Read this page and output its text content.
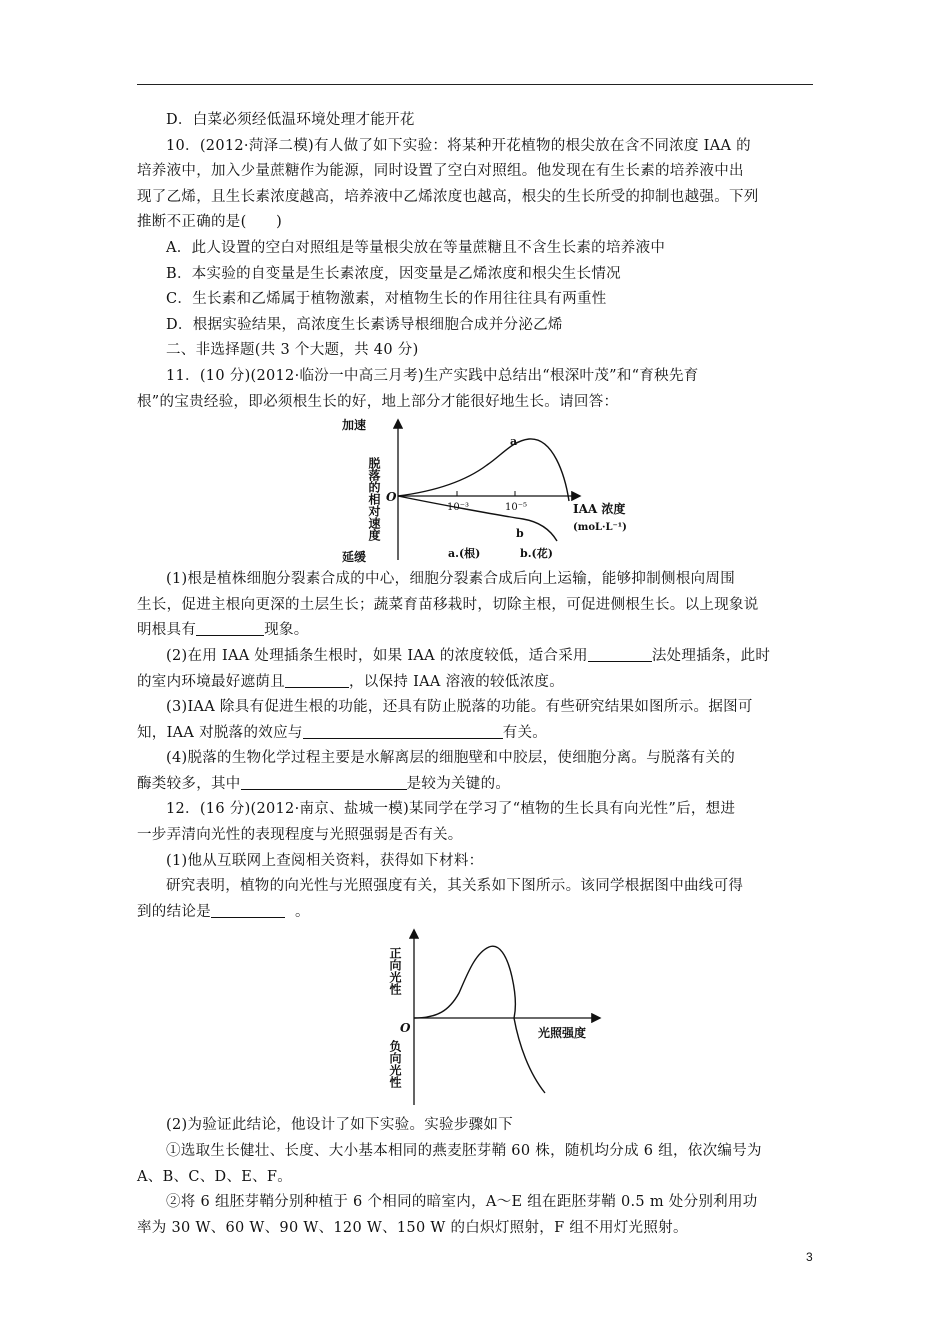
D．白菜必须经低温环境处理才能开花

10．(2012·菏泽二模)有人做了如下实验：将某种开花植物的根尖放在含不同浓度 IAA 的

培养液中，加入少量蔗糖作为能源，同时设置了空白对照组。他发现在有生长素的培养液中出

现了乙烯，且生长素浓度越高，培养液中乙烯浓度也越高，根尖的生长所受的抑制也越强。下列

推断不正确的是(　　)

A．此人设置的空白对照组是等量根尖放在等量蔗糖且不含生长素的培养液中

B．本实验的自变量是生长素浓度，因变量是乙烯浓度和根尖生长情况

C．生长素和乙烯属于植物激素，对植物生长的作用往往具有两重性

D．根据实验结果，高浓度生长素诱导根细胞合成并分泌乙烯

二、非选择题(共 3 个大题，共 40 分)

11．(10 分)(2012·临汾一中高三月考)生产实践中总结出“根深叶茂”和“育秧先育

根”的宝贵经验，即必须根生长的好，地上部分才能很好地生长。请回答：

加速
脱落的相对速度
延缓
O
10⁻³	10⁻⁵	IAA 浓度
(moL·L⁻¹)
a
b
a.(根)	b.(花)

(1)根是植株细胞分裂素合成的中心，细胞分裂素合成后向上运输，能够抑制侧根向周围

生长，促进主根向更深的土层生长；蔬菜育苗移栽时，切除主根，可促进侧根生长。以上现象说

明根具有	现象。

(2)在用 IAA 处理插条生根时，如果 IAA 的浓度较低，适合采用	法处理插条，此时

的室内环境最好遮荫且	，以保持 IAA 溶液的较低浓度。

(3)IAA 除具有促进生根的功能，还具有防止脱落的功能。有些研究结果如图所示。据图可

知，IAA 对脱落的效应与	有关。

(4)脱落的生物化学过程主要是水解离层的细胞壁和中胶层，使细胞分离。与脱落有关的

酶类较多，其中	是较为关键的。

12．(16 分)(2012·南京、盐城一模)某同学在学习了“植物的生长具有向光性”后，想进

一步弄清向光性的表现程度与光照强弱是否有关。

(1)他从互联网上查阅相关资料，获得如下材料：

研究表明，植物的向光性与光照强度有关，其关系如下图所示。该同学根据图中曲线可得

到的结论是	。

正向光性
O
负向光性
光照强度

(2)为验证此结论，他设计了如下实验。实验步骤如下

①选取生长健壮、长度、大小基本相同的燕麦胚芽鞘 60 株，随机均分成 6 组，依次编号为

A、B、C、D、E、F。

②将 6 组胚芽鞘分别种植于 6 个相同的暗室内，A～E 组在距胚芽鞘 0.5 m 处分别利用功

率为 30 W、60 W、90 W、120 W、150 W 的白炽灯照射，F 组不用灯光照射。

3
